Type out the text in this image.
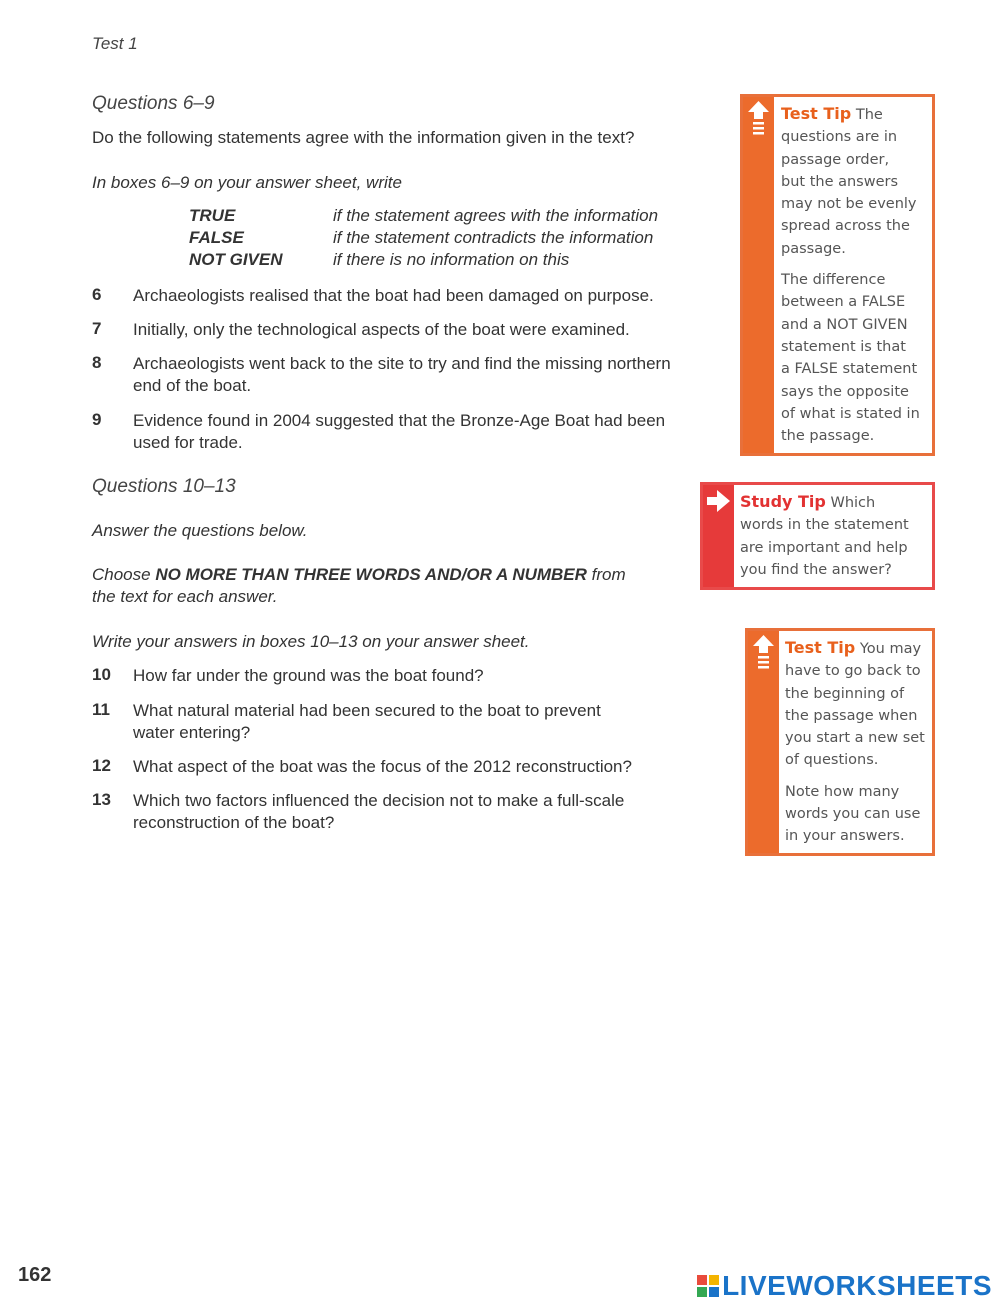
Test 1
Questions 6–9
Do the following statements agree with the information given in the text?
In boxes 6–9 on your answer sheet, write
TRUE	if the statement agrees with the information
FALSE	if the statement contradicts the information
NOT GIVEN	if there is no information on this
6 Archaeologists realised that the boat had been damaged on purpose.
7 Initially, only the technological aspects of the boat were examined.
8 Archaeologists went back to the site to try and find the missing northern
end of the boat.
9 Evidence found in 2004 suggested that the Bronze-Age Boat had been
used for trade.
Questions 10–13
Answer the questions below.
Choose NO MORE THAN THREE WORDS AND/OR A NUMBER from
the text for each answer.
Write your answers in boxes 10–13 on your answer sheet.
10 How far under the ground was the boat found?
11 What natural material had been secured to the boat to prevent
water entering?
12 What aspect of the boat was the focus of the 2012 reconstruction?
13 Which two factors influenced the decision not to make a full-scale
reconstruction of the boat?

Test Tip The
questions are in
passage order,
but the answers
may not be evenly
spread across the
passage.

The difference
between a FALSE
and a NOT GIVEN
statement is that
a FALSE statement
says the opposite
of what is stated in
the passage.

Study Tip Which
words in the statement
are important and help
you find the answer?

Test Tip You may
have to go back to
the beginning of
the passage when
you start a new set
of questions.

Note how many
words you can use
in your answers.

162	LIVEWORKSHEETS
